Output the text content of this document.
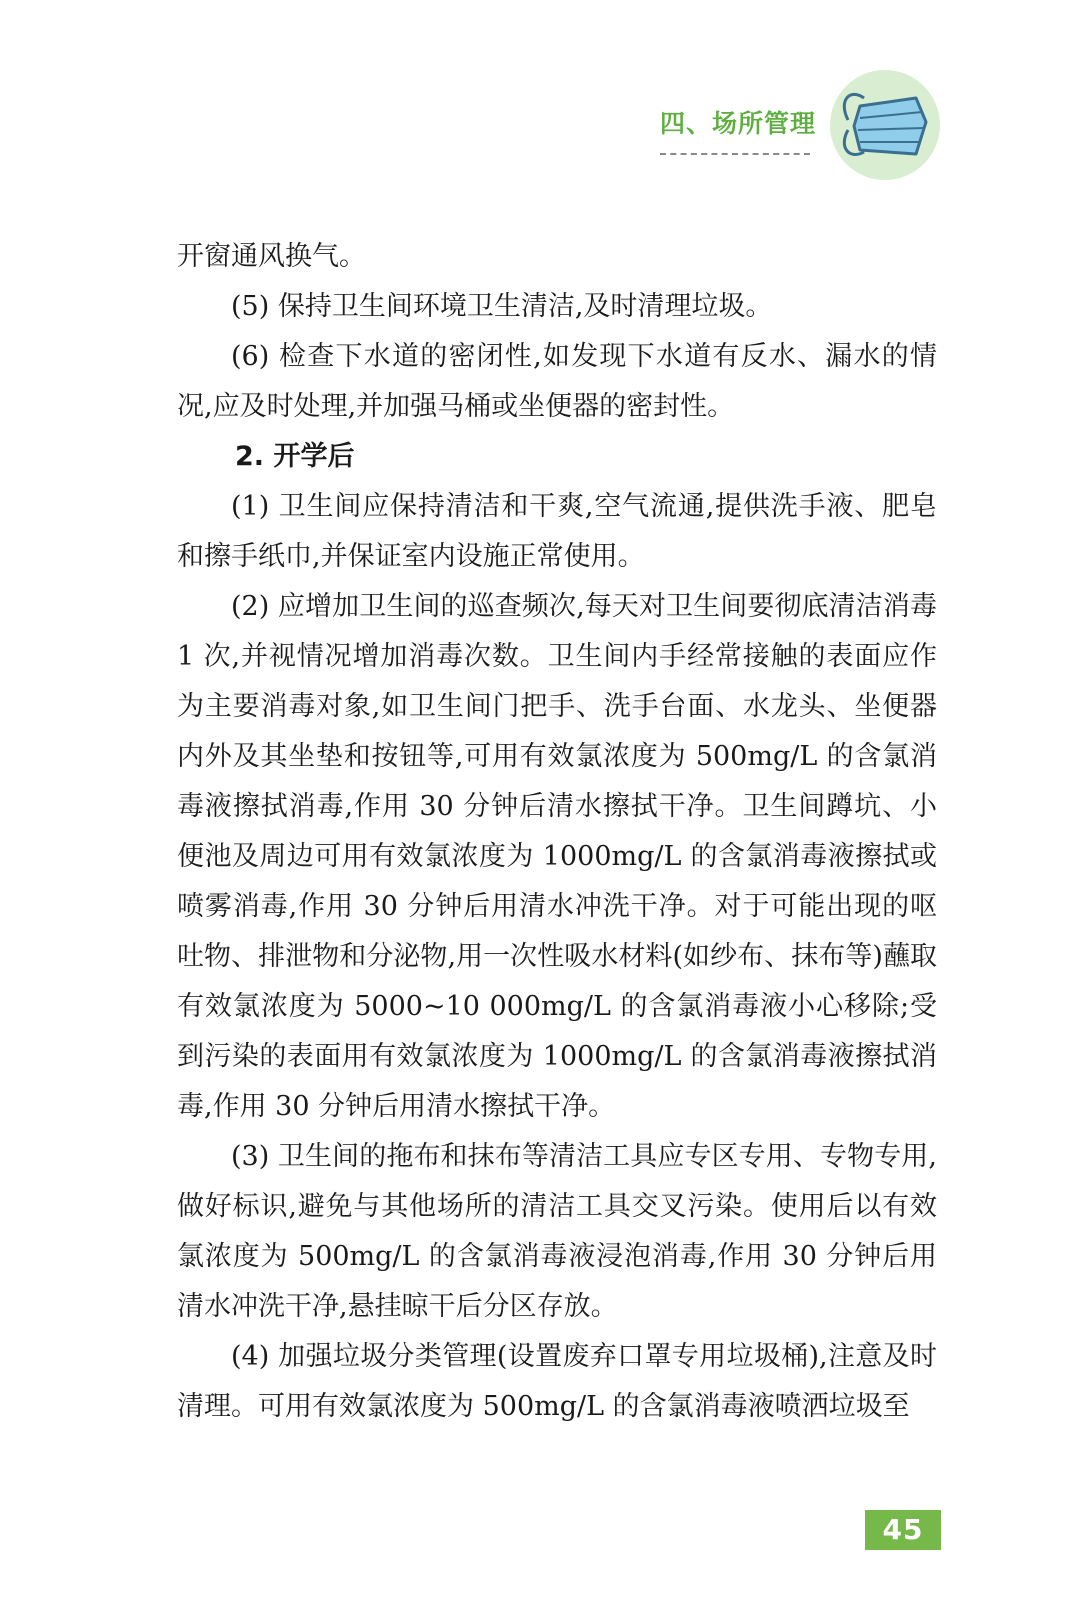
四、场所管理

开窗通风换气。

(5) 保持卫生间环境卫生清洁,及时清理垃圾。

(6) 检查下水道的密闭性,如发现下水道有反水、漏水的情况,应及时处理,并加强马桶或坐便器的密封性。

2. 开学后

(1) 卫生间应保持清洁和干爽,空气流通,提供洗手液、肥皂和擦手纸巾,并保证室内设施正常使用。

(2) 应增加卫生间的巡查频次,每天对卫生间要彻底清洁消毒 1 次,并视情况增加消毒次数。卫生间内手经常接触的表面应作为主要消毒对象,如卫生间门把手、洗手台面、水龙头、坐便器内外及其坐垫和按钮等,可用有效氯浓度为 500mg/L 的含氯消毒液擦拭消毒,作用 30 分钟后清水擦拭干净。卫生间蹲坑、小便池及周边可用有效氯浓度为 1000mg/L 的含氯消毒液擦拭或喷雾消毒,作用 30 分钟后用清水冲洗干净。对于可能出现的呕吐物、排泄物和分泌物,用一次性吸水材料(如纱布、抹布等)蘸取有效氯浓度为 5000~10 000mg/L 的含氯消毒液小心移除;受到污染的表面用有效氯浓度为 1000mg/L 的含氯消毒液擦拭消毒,作用 30 分钟后用清水擦拭干净。

(3) 卫生间的拖布和抹布等清洁工具应专区专用、专物专用,做好标识,避免与其他场所的清洁工具交叉污染。使用后以有效氯浓度为 500mg/L 的含氯消毒液浸泡消毒,作用 30 分钟后用清水冲洗干净,悬挂晾干后分区存放。

(4) 加强垃圾分类管理(设置废弃口罩专用垃圾桶),注意及时清理。可用有效氯浓度为 500mg/L 的含氯消毒液喷洒垃圾至

45
